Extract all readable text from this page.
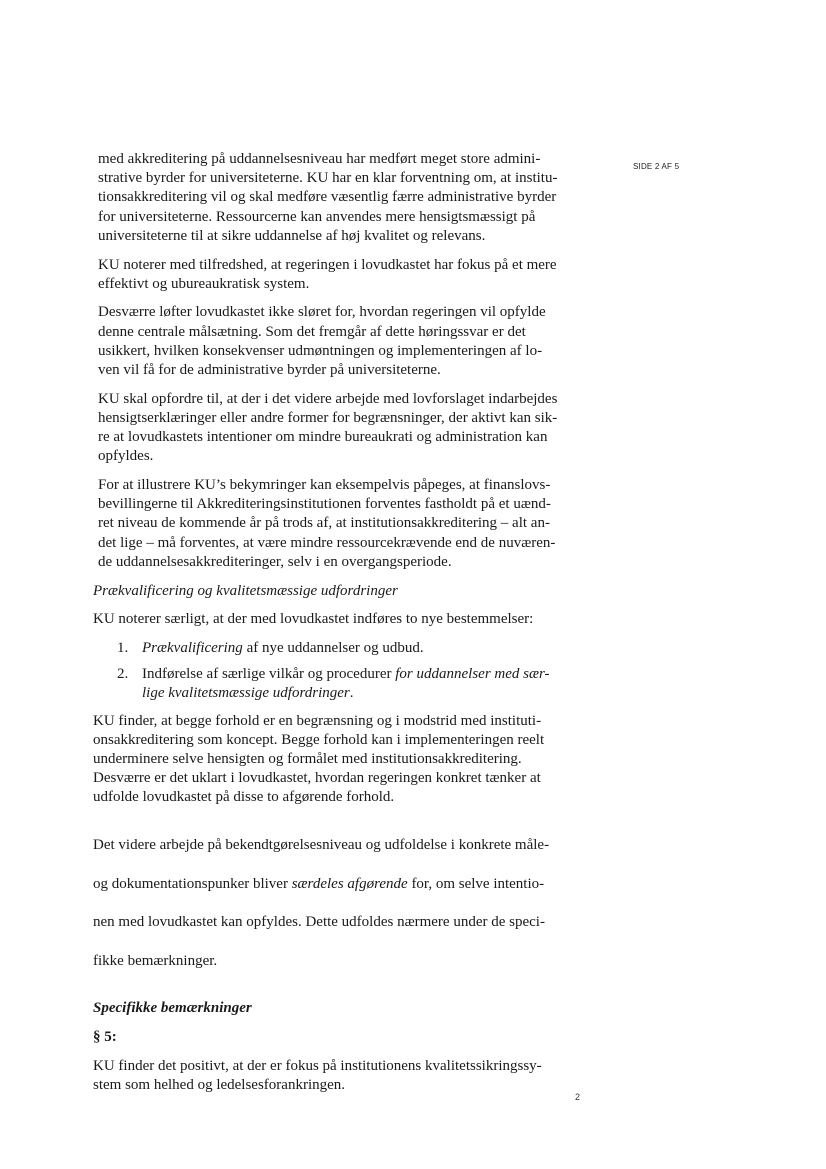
SIDE 2 AF 5

med akkreditering på uddannelsesniveau har medført meget store admini-
strative byrder for universiteterne. KU har en klar forventning om, at institu-
tionsakkreditering vil og skal medføre væsentlig færre administrative byrder
for universiteterne. Ressourcerne kan anvendes mere hensigtsmæssigt på
universiteterne til at sikre uddannelse af høj kvalitet og relevans.

KU noterer med tilfredshed, at regeringen i lovudkastet har fokus på et mere
effektivt og ubureaukratisk system.

Desværre løfter lovudkastet ikke sløret for, hvordan regeringen vil opfylde
denne centrale målsætning. Som det fremgår af dette høringssvar er det
usikkert, hvilken konsekvenser udmøntningen og implementeringen af lo-
ven vil få for de administrative byrder på universiteterne.

KU skal opfordre til, at der i det videre arbejde med lovforslaget indarbejdes
hensigtserklæringer eller andre former for begrænsninger, der aktivt kan sik-
re at lovudkastets intentioner om mindre bureaukrati og administration kan
opfyldes.

For at illustrere KU’s bekymringer kan eksempelvis påpeges, at finanslovs-
bevillingerne til Akkrediteringsinstitutionen forventes fastholdt på et uænd-
ret niveau de kommende år på trods af, at institutionsakkreditering – alt an-
det lige – må forventes, at være mindre ressourcekrævende end de nuværen-
de uddannelsesakkrediteringer, selv i en overgangsperiode.

Prækvalificering og kvalitetsmæssige udfordringer

KU noterer særligt, at der med lovudkastet indføres to nye bestemmelser:

1. Prækvalificering af nye uddannelser og udbud.
2. Indførelse af særlige vilkår og procedurer for uddannelser med sær-
lige kvalitetsmæssige udfordringer.

KU finder, at begge forhold er en begrænsning og i modstrid med instituti-
onsakkreditering som koncept. Begge forhold kan i implementeringen reelt
underminere selve hensigten og formålet med institutionsakkreditering.
Desværre er det uklart i lovudkastet, hvordan regeringen konkret tænker at
udfolde lovudkastet på disse to afgørende forhold.

Det videre arbejde på bekendtgørelsesniveau og udfoldelse i konkrete måle-

og dokumentationspunker bliver særdeles afgørende for, om selve intentio-

nen med lovudkastet kan opfyldes. Dette udfoldes nærmere under de speci-

fikke bemærkninger.

Specifikke bemærkninger

§ 5:

KU finder det positivt, at der er fokus på institutionens kvalitetssikringssy-
stem som helhed og ledelsesforankringen.

2
